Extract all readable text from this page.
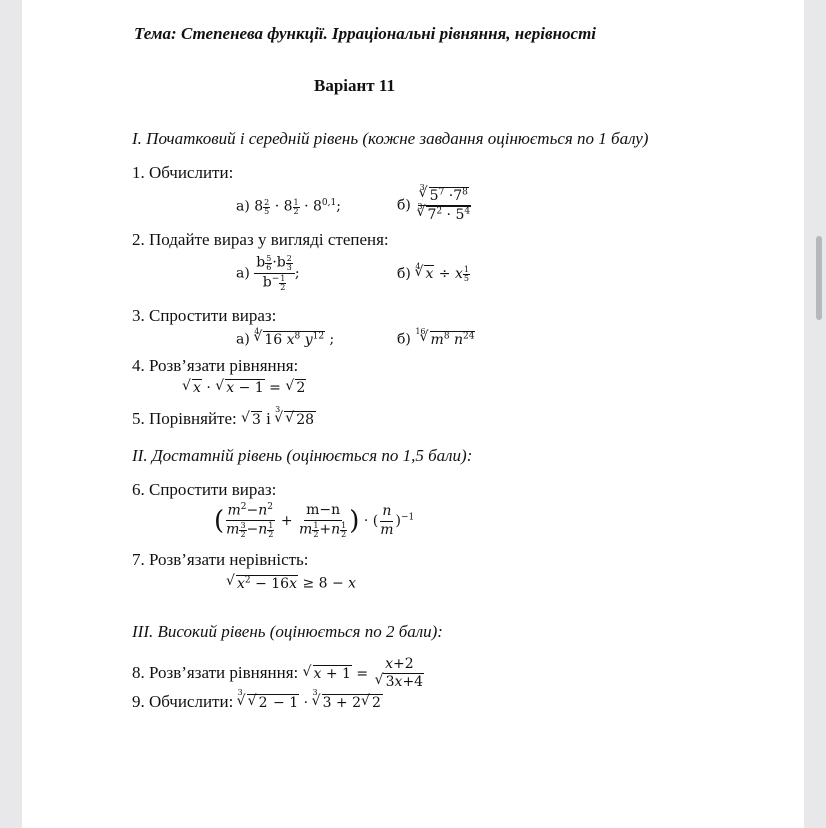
Тема: Степенева функції. Ірраціональні рівняння, нерівності
Варіант 11
І. Початковий і середній рівень (кожне завдання оцінюється по 1 балу)
1. Обчислити:
а) $8 \frac{2}{5} \cdot 8 \frac{1}{2} \cdot 8^{0,1}$;	$б) \frac{^3√ 5^7 \cdot 7^8}{^3√ 7^2 \cdot 5^4}$
2. Подайте вираз у вигляді степеня:
$а) \frac{b \frac{5}{6} \cdot b \frac{2}{3}}{b^- \frac{1}{2}}$ ;	б) $^4$ √ x ÷ x $\frac{1}{5}$
3. Спростити вираз:
а) $^4$√ 16 $x^8$ $y^{12}$ ;	б) $^{16}$√ $m^8$ $n^{24}$
4. Розв’язати рівняння:
√ x · √ x − 1 = √ 2
5. Порівняйте: √ 3 і $^3$√ √ 28
ІІ. Достатній рівень (оцінюється по 1,5 бали):
6. Спростити вираз:
( $\frac{m^2-n^2}{m \frac{3}{2} -n \frac{1}{2}} + \frac{m-n}{m \frac{1}{2} +n \frac{1}{2}}$ ) · ( $\frac{n}{m} )^{-1}$
7. Розв’язати нерівність:
√ $x^2 - 16x \ge 8 - x$
ІІІ. Високий рівень (оцінюється по 2 бали):
8. Розв’язати рівняння: √ x + 1 = x+2
√ 3x+4
9. Обчислити: $^3$√ √ 2 − 1 · $^3$√ 3 + 2 √ 2
